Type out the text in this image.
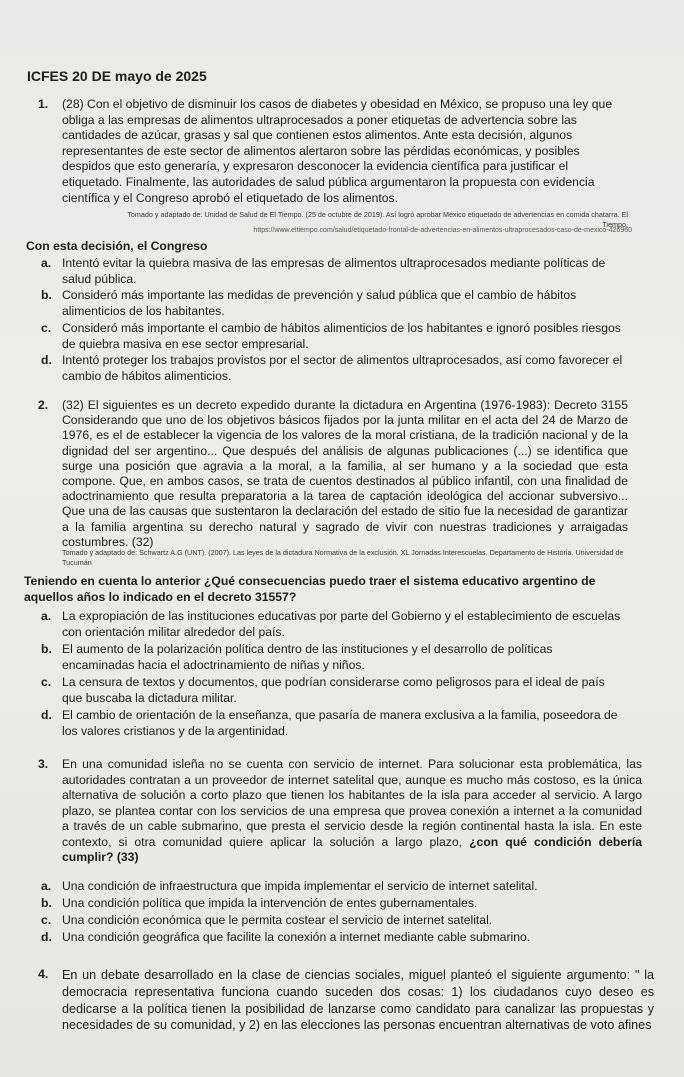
ICFES 20 DE mayo de 2025
1. (28) Con el objetivo de disminuir los casos de diabetes y obesidad en México, se propuso una ley que obliga a las empresas de alimentos ultraprocesados a poner etiquetas de advertencia sobre las cantidades de azúcar, grasas y sal que contienen estos alimentos. Ante esta decisión, algunos representantes de este sector de alimentos alertaron sobre las pérdidas económicas, y posibles despidos que esto generaría, y expresaron desconocer la evidencia científica para justificar el etiquetado. Finalmente, las autoridades de salud pública argumentaron la propuesta con evidencia científica y el Congreso aprobó el etiquetado de los alimentos.
Tomado y adaptado de: Unidad de Salud de El Tiempo. (25 de octubre de 2019). Así logró aprobar México etiquetado de advertencias en comida chatarra. El Tiempo.
https://www.eltiempo.com/salud/etiquetado-frontal-de-advertencias-en-alimentos-ultraprocesados-caso-de-mexico-426960
Con esta decisión, el Congreso
a. Intentó evitar la quiebra masiva de las empresas de alimentos ultraprocesados mediante políticas de salud pública.
b. Consideró más importante las medidas de prevención y salud pública que el cambio de hábitos alimenticios de los habitantes.
c. Consideró más importante el cambio de hábitos alimenticios de los habitantes e ignoró posibles riesgos de quiebra masiva en ese sector empresarial.
d. Intentó proteger los trabajos provistos por el sector de alimentos ultraprocesados, así como favorecer el cambio de hábitos alimenticios.
2. (32) El siguientes es un decreto expedido durante la dictadura en Argentina (1976-1983): Decreto 3155 Considerando que uno de los objetivos básicos fijados por la junta militar en el acta del 24 de Marzo de 1976, es el de establecer la vigencia de los valores de la moral cristiana, de la tradición nacional y de la dignidad del ser argentino... Que después del análisis de algunas publicaciones (...) se identifica que surge una posición que agravia a la moral, a la familia, al ser humano y a la sociedad que esta compone. Que, en ambos casos, se trata de cuentos destinados al público infantil, con una finalidad de adoctrinamiento que resulta preparatoria a la tarea de captación ideológica del accionar subversivo... Que una de las causas que sustentaron la declaración del estado de sitio fue la necesidad de garantizar a la familia argentina su derecho natural y sagrado de vivir con nuestras tradiciones y arraigadas costumbres. (32)
Tomado y adaptado de: Schwartz A.G (UNT). (2007). Las leyes de la dictadura Normativa de la exclusión. XL Jornadas Interescuelas. Departamento de Historia. Universidad de Tucumán
Teniendo en cuenta lo anterior ¿Qué consecuencias puedo traer el sistema educativo argentino de aquellos años lo indicado en el decreto 31557?
a. La expropiación de las instituciones educativas por parte del Gobierno y el establecimiento de escuelas con orientación militar alrededor del país.
b. El aumento de la polarización política dentro de las instituciones y el desarrollo de políticas encaminadas hacia el adoctrinamiento de niñas y niños.
c. La censura de textos y documentos, que podrían considerarse como peligrosos para el ideal de país que buscaba la dictadura militar.
d. El cambio de orientación de la enseñanza, que pasaría de manera exclusiva a la familia, poseedora de los valores cristianos y de la argentinidad.
3. En una comunidad isleña no se cuenta con servicio de internet. Para solucionar esta problemática, las autoridades contratan a un proveedor de internet satelital que, aunque es mucho más costoso, es la única alternativa de solución a corto plazo que tienen los habitantes de la isla para acceder al servicio. A largo plazo, se plantea contar con los servicios de una empresa que provea conexión a internet a la comunidad a través de un cable submarino, que presta el servicio desde la región continental hasta la isla. En este contexto, si otra comunidad quiere aplicar la solución a largo plazo, ¿con qué condición debería cumplir? (33)
a. Una condición de infraestructura que impida implementar el servicio de internet satelital.
b. Una condición política que impida la intervención de entes gubernamentales.
c. Una condición económica que le permita costear el servicio de internet satelital.
d. Una condición geográfica que facilite la conexión a internet mediante cable submarino.
4. En un debate desarrollado en la clase de ciencias sociales, miguel planteó el siguiente argumento: " la democracia representativa funciona cuando suceden dos cosas: 1) los ciudadanos cuyo deseo es dedicarse a la política tienen la posibilidad de lanzarse como candidato para canalizar las propuestas y necesidades de su comunidad, y 2) en las elecciones las personas encuentran alternativas de voto afines
